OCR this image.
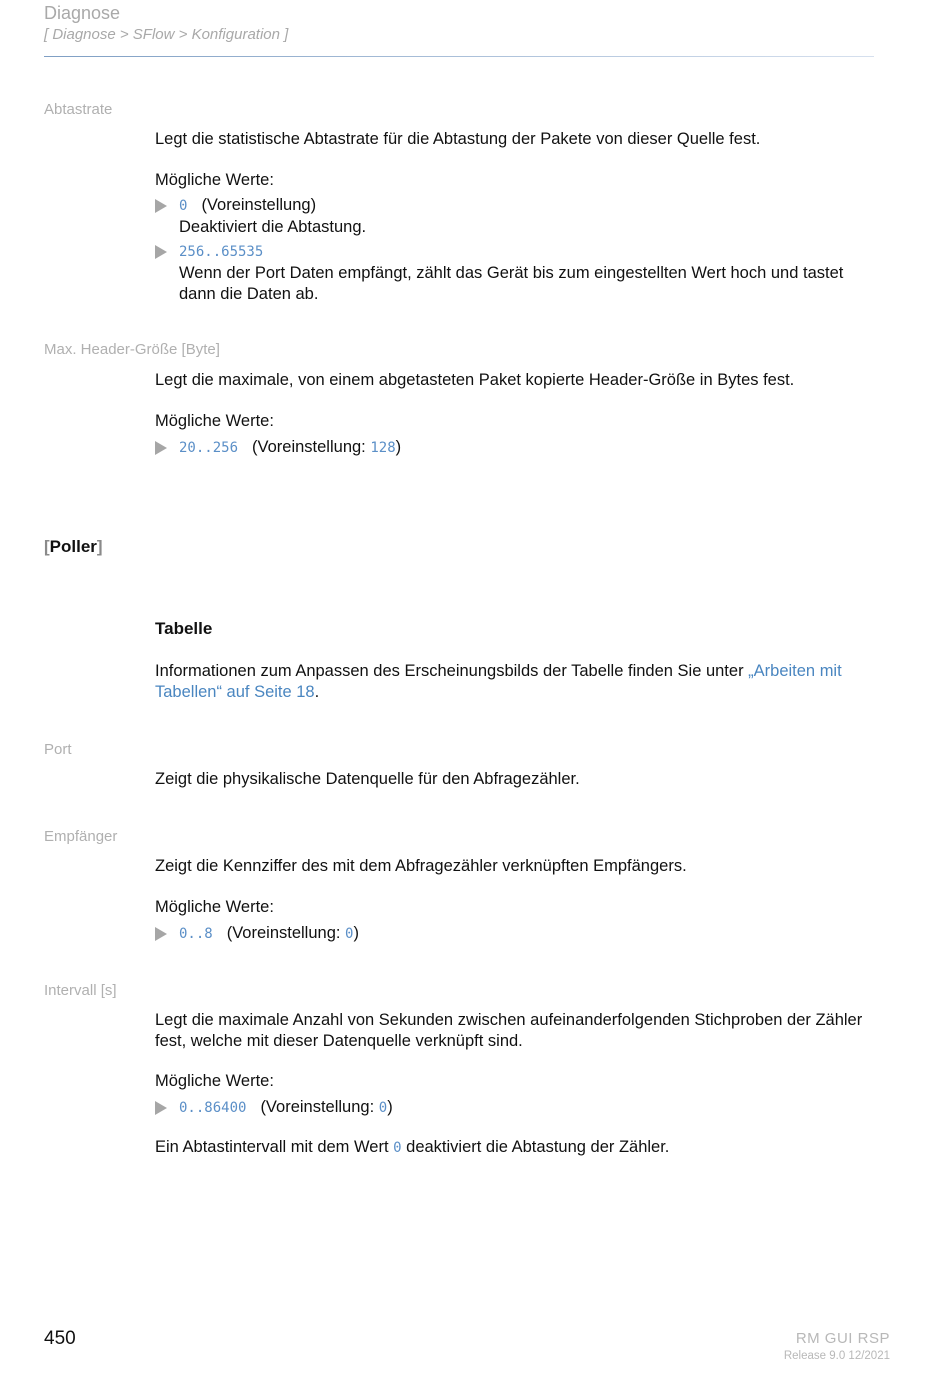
Diagnose
[ Diagnose > SFlow > Konfiguration ]
Abtastrate
Legt die statistische Abtastrate für die Abtastung der Pakete von dieser Quelle fest.
Mögliche Werte:
0 (Voreinstellung)
Deaktiviert die Abtastung.
256..65535
Wenn der Port Daten empfängt, zählt das Gerät bis zum eingestellten Wert hoch und tastet
dann die Daten ab.
Max. Header-Größe [Byte]
Legt die maximale, von einem abgetasteten Paket kopierte Header-Größe in Bytes fest.
Mögliche Werte:
20..256 (Voreinstellung: 128)
[Poller]
Tabelle
Informationen zum Anpassen des Erscheinungsbilds der Tabelle finden Sie unter „Arbeiten mit
Tabellen“ auf Seite 18.
Port
Zeigt die physikalische Datenquelle für den Abfragezähler.
Empfänger
Zeigt die Kennziffer des mit dem Abfragezähler verknüpften Empfängers.
Mögliche Werte:
0..8 (Voreinstellung: 0)
Intervall [s]
Legt die maximale Anzahl von Sekunden zwischen aufeinanderfolgenden Stichproben der Zähler
fest, welche mit dieser Datenquelle verknüpft sind.
Mögliche Werte:
0..86400 (Voreinstellung: 0)
Ein Abtastintervall mit dem Wert 0 deaktiviert die Abtastung der Zähler.
450	RM GUI RSP
Release 9.0 12/2021
